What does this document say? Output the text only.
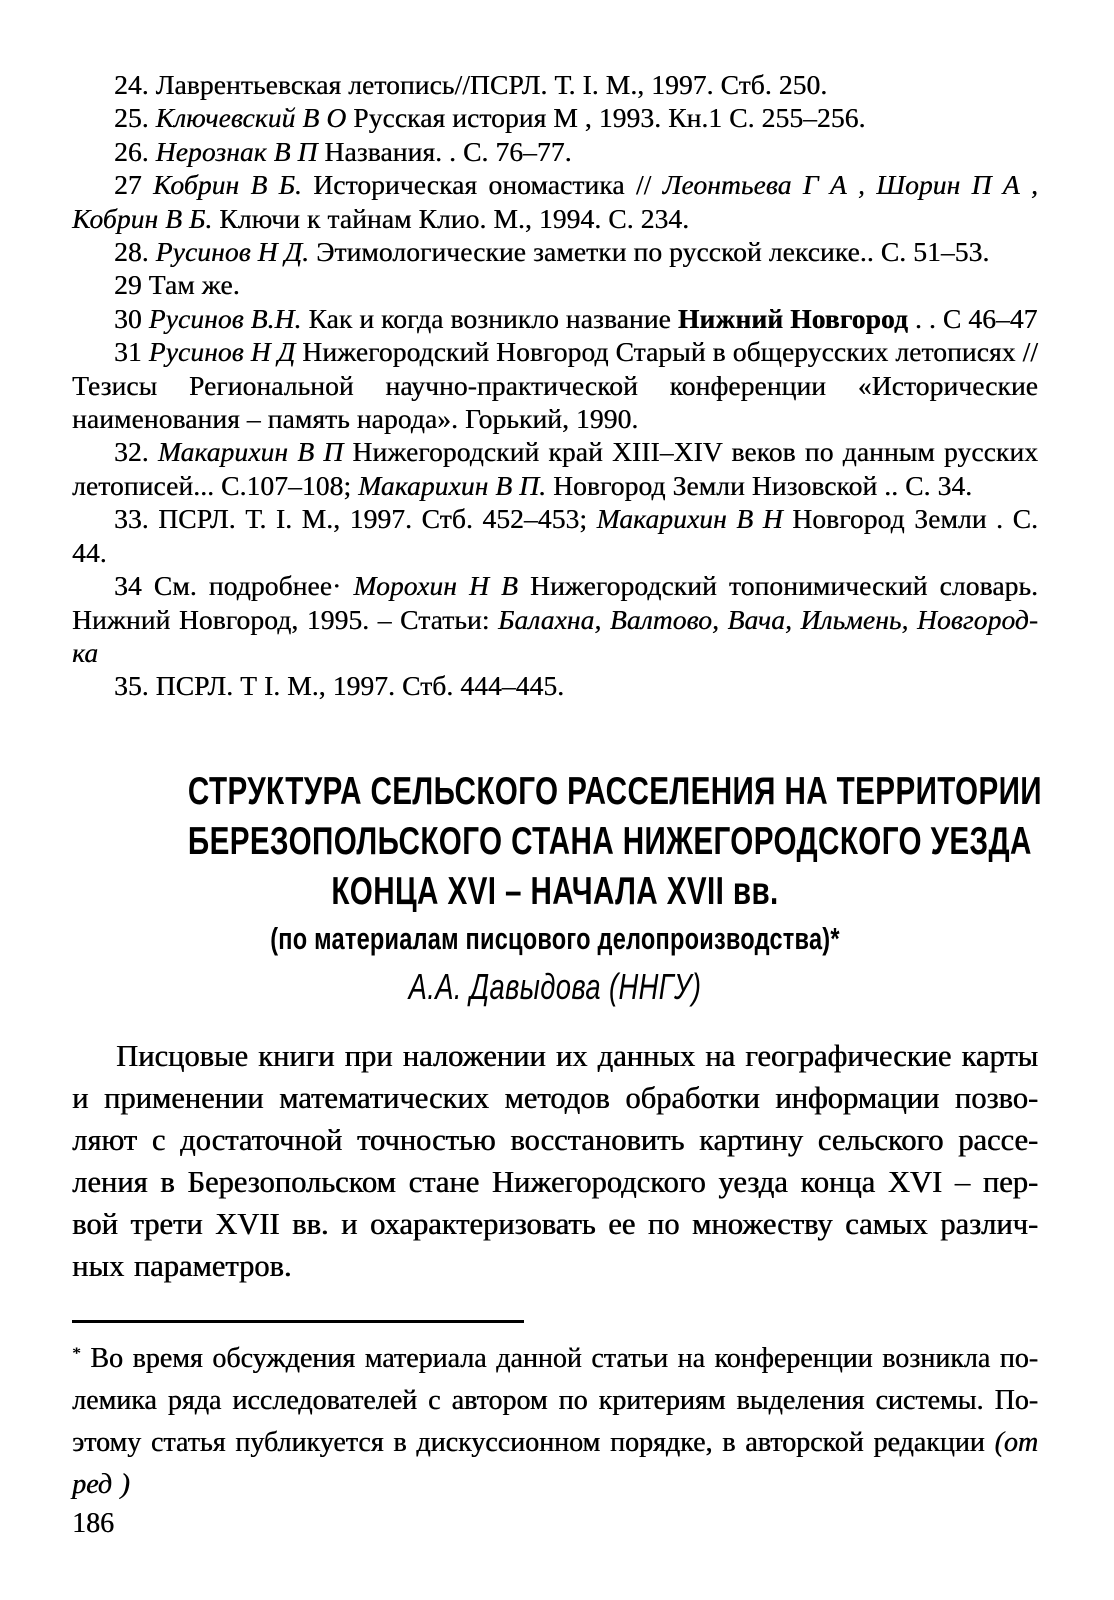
24. Лаврентьевская летопись//ПСРЛ. Т. I. М., 1997. Стб. 250.

25. Ключевский В О Русская история М , 1993. Кн.1 С. 255–256.

26. Нерознак В П Названия. . С. 76–77.

27 Кобрин В Б. Историческая ономастика // Леонтьева Г А , Шорин П А , Кобрин В Б. Ключи к тайнам Клио. М., 1994. С. 234.

28. Русинов Н Д. Этимологические заметки по русской лексике.. С. 51–53.

29 Там же.

30 Русинов В.Н. Как и когда возникло название Нижний Новгород . . С 46–47

31 Русинов Н Д Нижегородский Новгород Старый в общерусских летописях // Тезисы Региональной научно-практической конференции «Исторические наименования – память народа». Горький, 1990.

32. Макарихин В П Нижегородский край XIII–XIV веков по данным русских летописей... С.107–108; Макарихин В П. Новгород Земли Низовской .. С. 34.

33. ПСРЛ. Т. I. М., 1997. Стб. 452–453; Макарихин В Н Новгород Земли . С. 44.

34 См. подробнее· Морохин Н В Нижегородский топонимический словарь. Нижний Новгород, 1995. – Статьи: Балахна, Валтово, Вача, Ильмень, Новгородка

35. ПСРЛ. Т I. М., 1997. Стб. 444–445.

СТРУКТУРА СЕЛЬСКОГО РАССЕЛЕНИЯ НА ТЕРРИТОРИИ
БЕРЕЗОПОЛЬСКОГО СТАНА НИЖЕГОРОДСКОГО УЕЗДА
КОНЦА XVI – НАЧАЛА XVII вв.
(по материалам писцового делопроизводства)*
А.А. Давыдова (ННГУ)

Писцовые книги при наложении их данных на географические карты и применении математических методов обработки информации позволяют с достаточной точностью восстановить картину сельского расселения в Березопольском стане Нижегородского уезда конца XVI – первой трети XVII вв. и охарактеризовать ее по множеству самых различных параметров.

* Во время обсуждения материала данной статьи на конференции возникла полемика ряда исследователей с автором по критериям выделения системы. Поэтому статья публикуется в дискуссионном порядке, в авторской редакции (от ред )

186
